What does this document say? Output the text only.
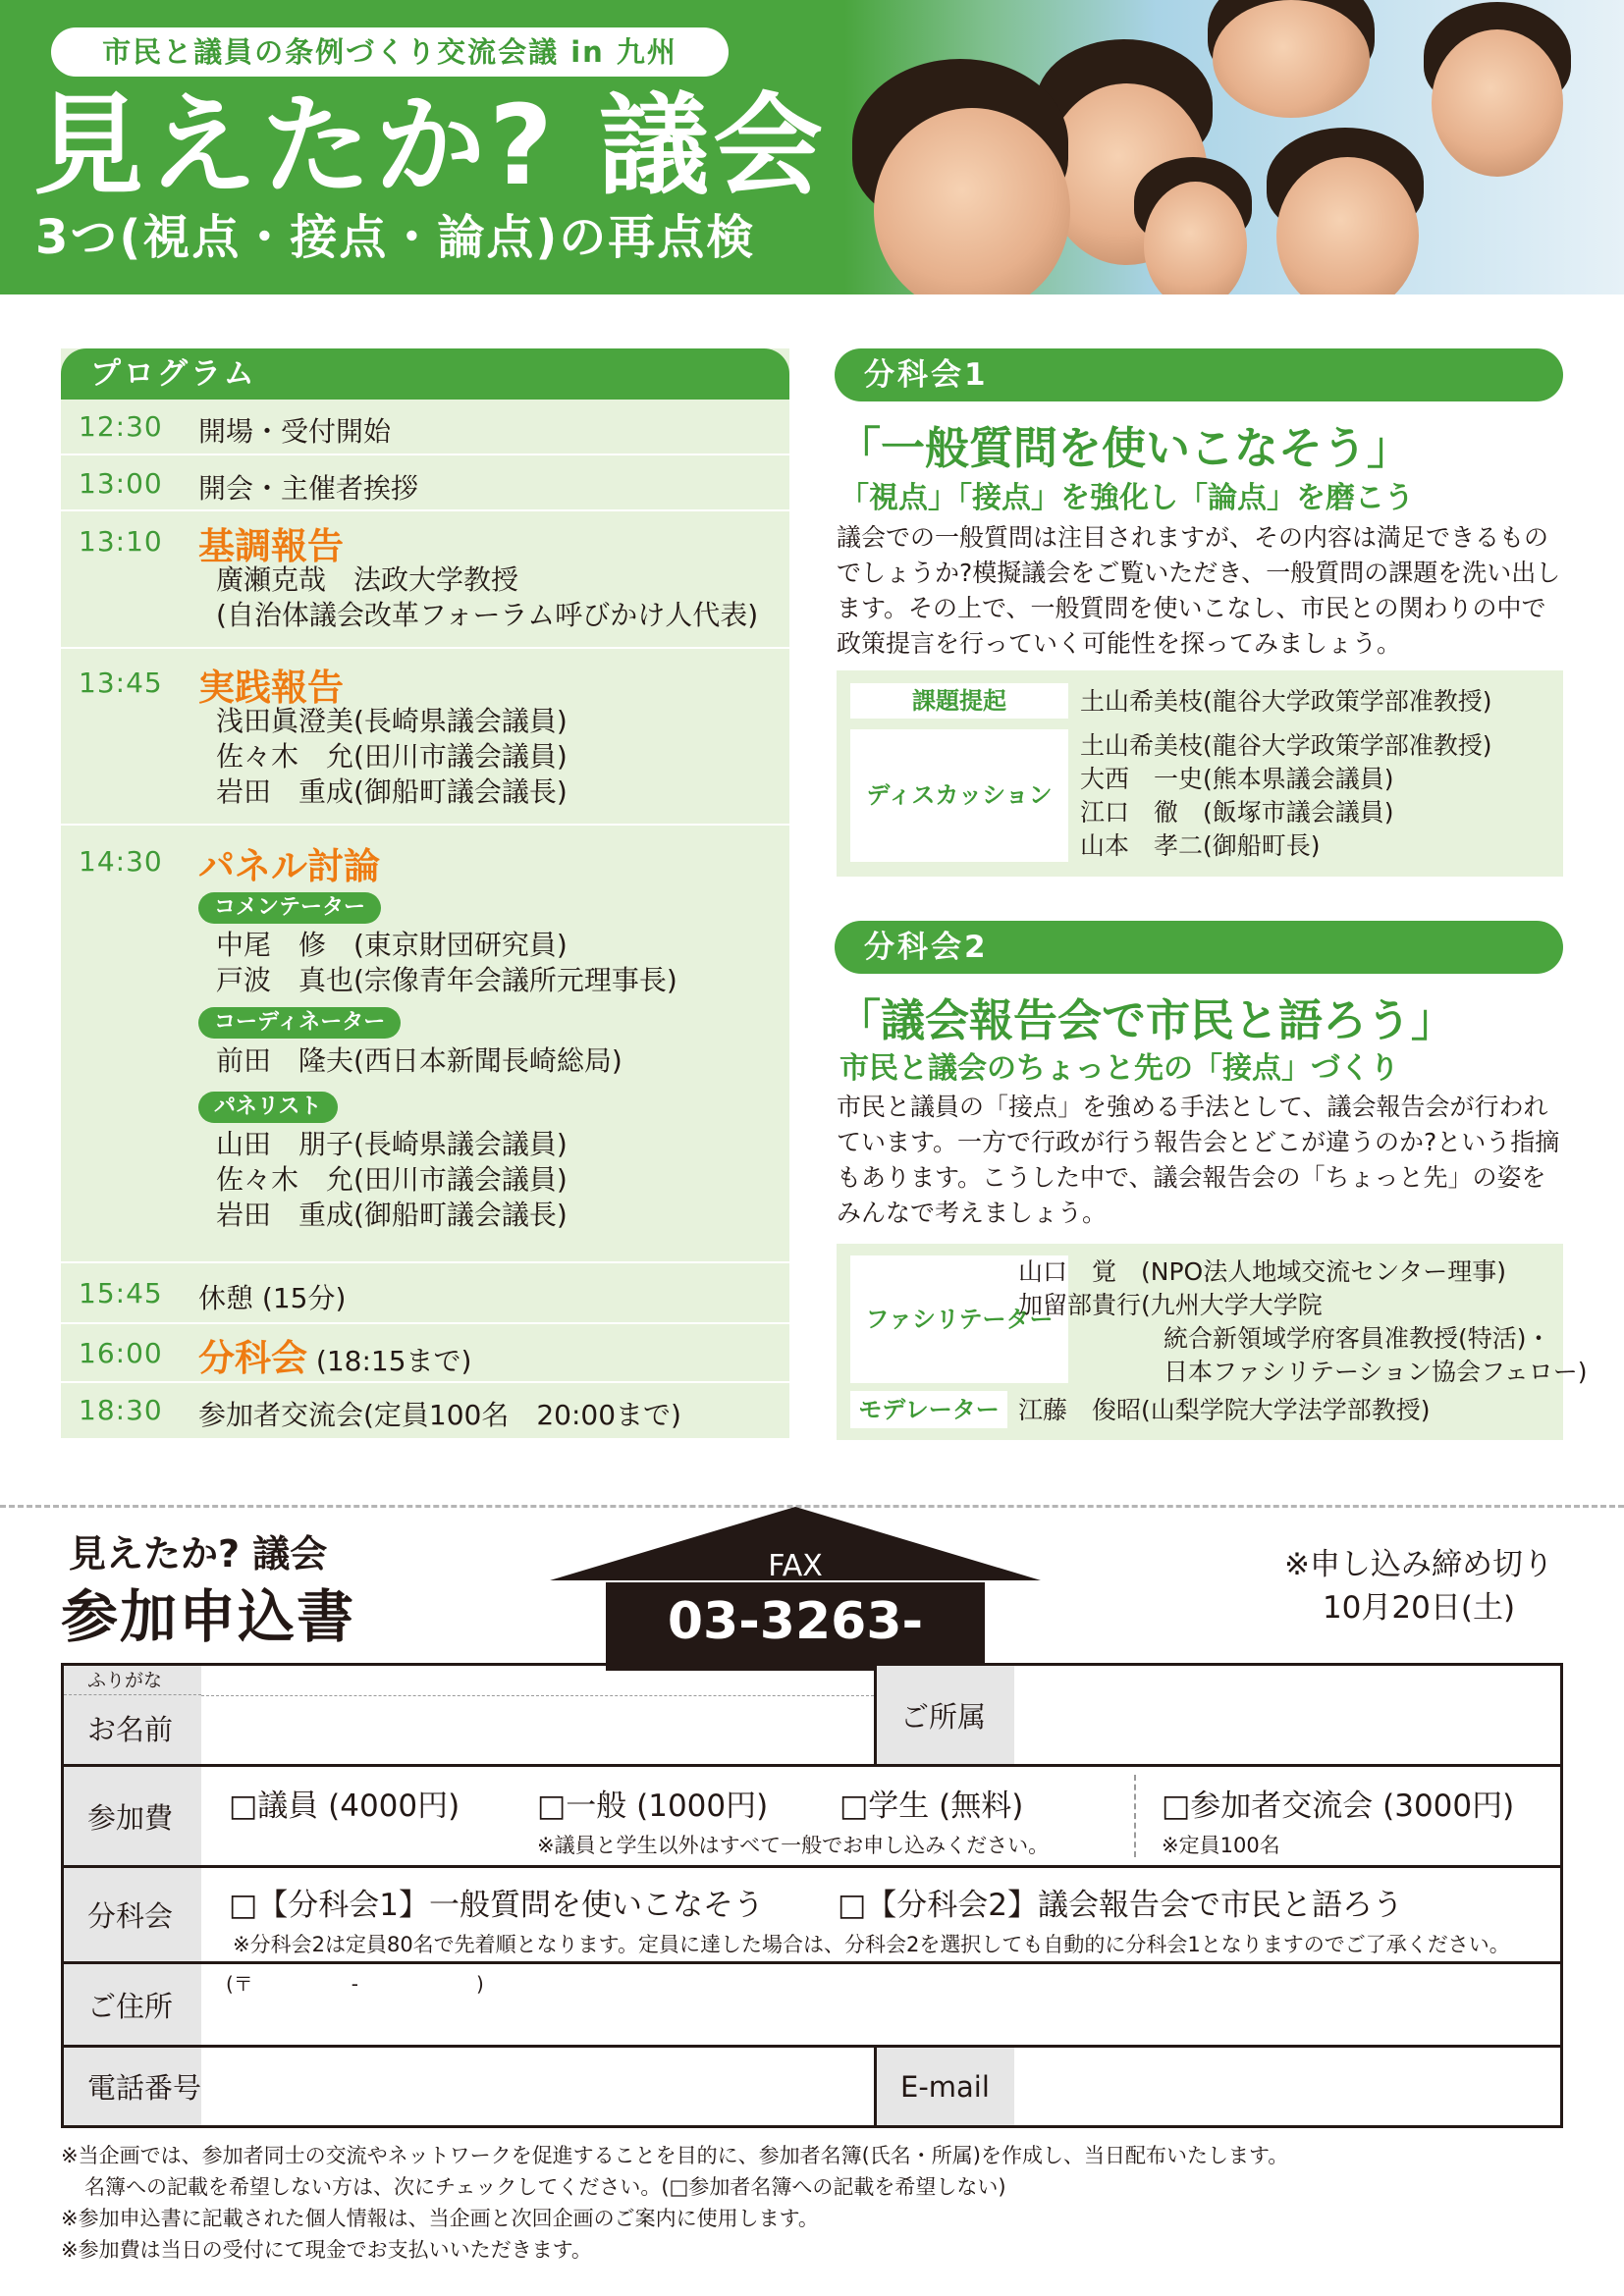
市民と議員の条例づくり交流会議 in 九州
見えたか? 議会
3つ(視点・接点・論点)の再点検
プログラム
12:30 開場・受付開始
13:00 開会・主催者挨拶
13:10 基調報告
廣瀬克哉　法政大学教授
(自治体議会改革フォーラム呼びかけ人代表)
13:45 実践報告
浅田眞澄美(長崎県議会議員)
佐々木　允(田川市議会議員)
岩田　重成(御船町議会議長)
14:30 パネル討論
コメンテーター
中尾　修　(東京財団研究員)
戸波　真也(宗像青年会議所元理事長)
コーディネーター
前田　隆夫(西日本新聞長崎総局)
パネリスト
山田　朋子(長崎県議会議員)
佐々木　允(田川市議会議員)
岩田　重成(御船町議会議長)
15:45 休憩 (15分)
16:00 分科会 (18:15まで)
18:30 参加者交流会(定員100名　20:00まで)
分科会1
「一般質問を使いこなそう」
「視点」「接点」を強化し「論点」を磨こう
議会での一般質問は注目されますが、その内容は満足できるものでしょうか?模擬議会をご覧いただき、一般質問の課題を洗い出します。その上で、一般質問を使いこなし、市民との関わりの中で政策提言を行っていく可能性を探ってみましょう。
課題提起	土山希美枝(龍谷大学政策学部准教授)
ディスカッション
土山希美枝(龍谷大学政策学部准教授)
大西　一史(熊本県議会議員)
江口　徹　(飯塚市議会議員)
山本　孝二(御船町長)
分科会2
「議会報告会で市民と語ろう」
市民と議会のちょっと先の「接点」づくり
市民と議員の「接点」を強める手法として、議会報告会が行われています。一方で行政が行う報告会とどこが違うのか?という指摘もあります。こうした中で、議会報告会の「ちょっと先」の姿をみんなで考えましょう。
ファシリテーター
山口　覚　(NPO法人地域交流センター理事)
加留部貴行(九州大学大学院
統合新領域学府客員准教授(特活)・
日本ファシリテーション協会フェロー)
モデレーター 江藤　俊昭(山梨学院大学法学部教授)
見えたか? 議会
参加申込書
FAX
03-3263-9463
※申し込み締め切り
10月20日(土)
ふりがな
お名前	ご所属
参加費	□議員 (4000円)	□一般 (1000円) □学生 (無料)
※議員と学生以外はすべて一般でお申し込みください。
□参加者交流会 (3000円)
※定員100名
分科会	□【分科会1】一般質問を使いこなそう □【分科会2】議会報告会で市民と語ろう
※分科会2は定員80名で先着順となります。定員に達した場合は、分科会2を選択しても自動的に分科会1となりますのでご了承ください。
ご住所
(〒　　　　　-　　　　　　)
電話番号	E-mail
※当企画では、参加者同士の交流やネットワークを促進することを目的に、参加者名簿(氏名・所属)を作成し、当日配布いたします。
名簿への記載を希望しない方は、次にチェックしてください。(□参加者名簿への記載を希望しない)
※参加申込書に記載された個人情報は、当企画と次回企画のご案内に使用します。
※参加費は当日の受付にて現金でお支払いいただきます。
